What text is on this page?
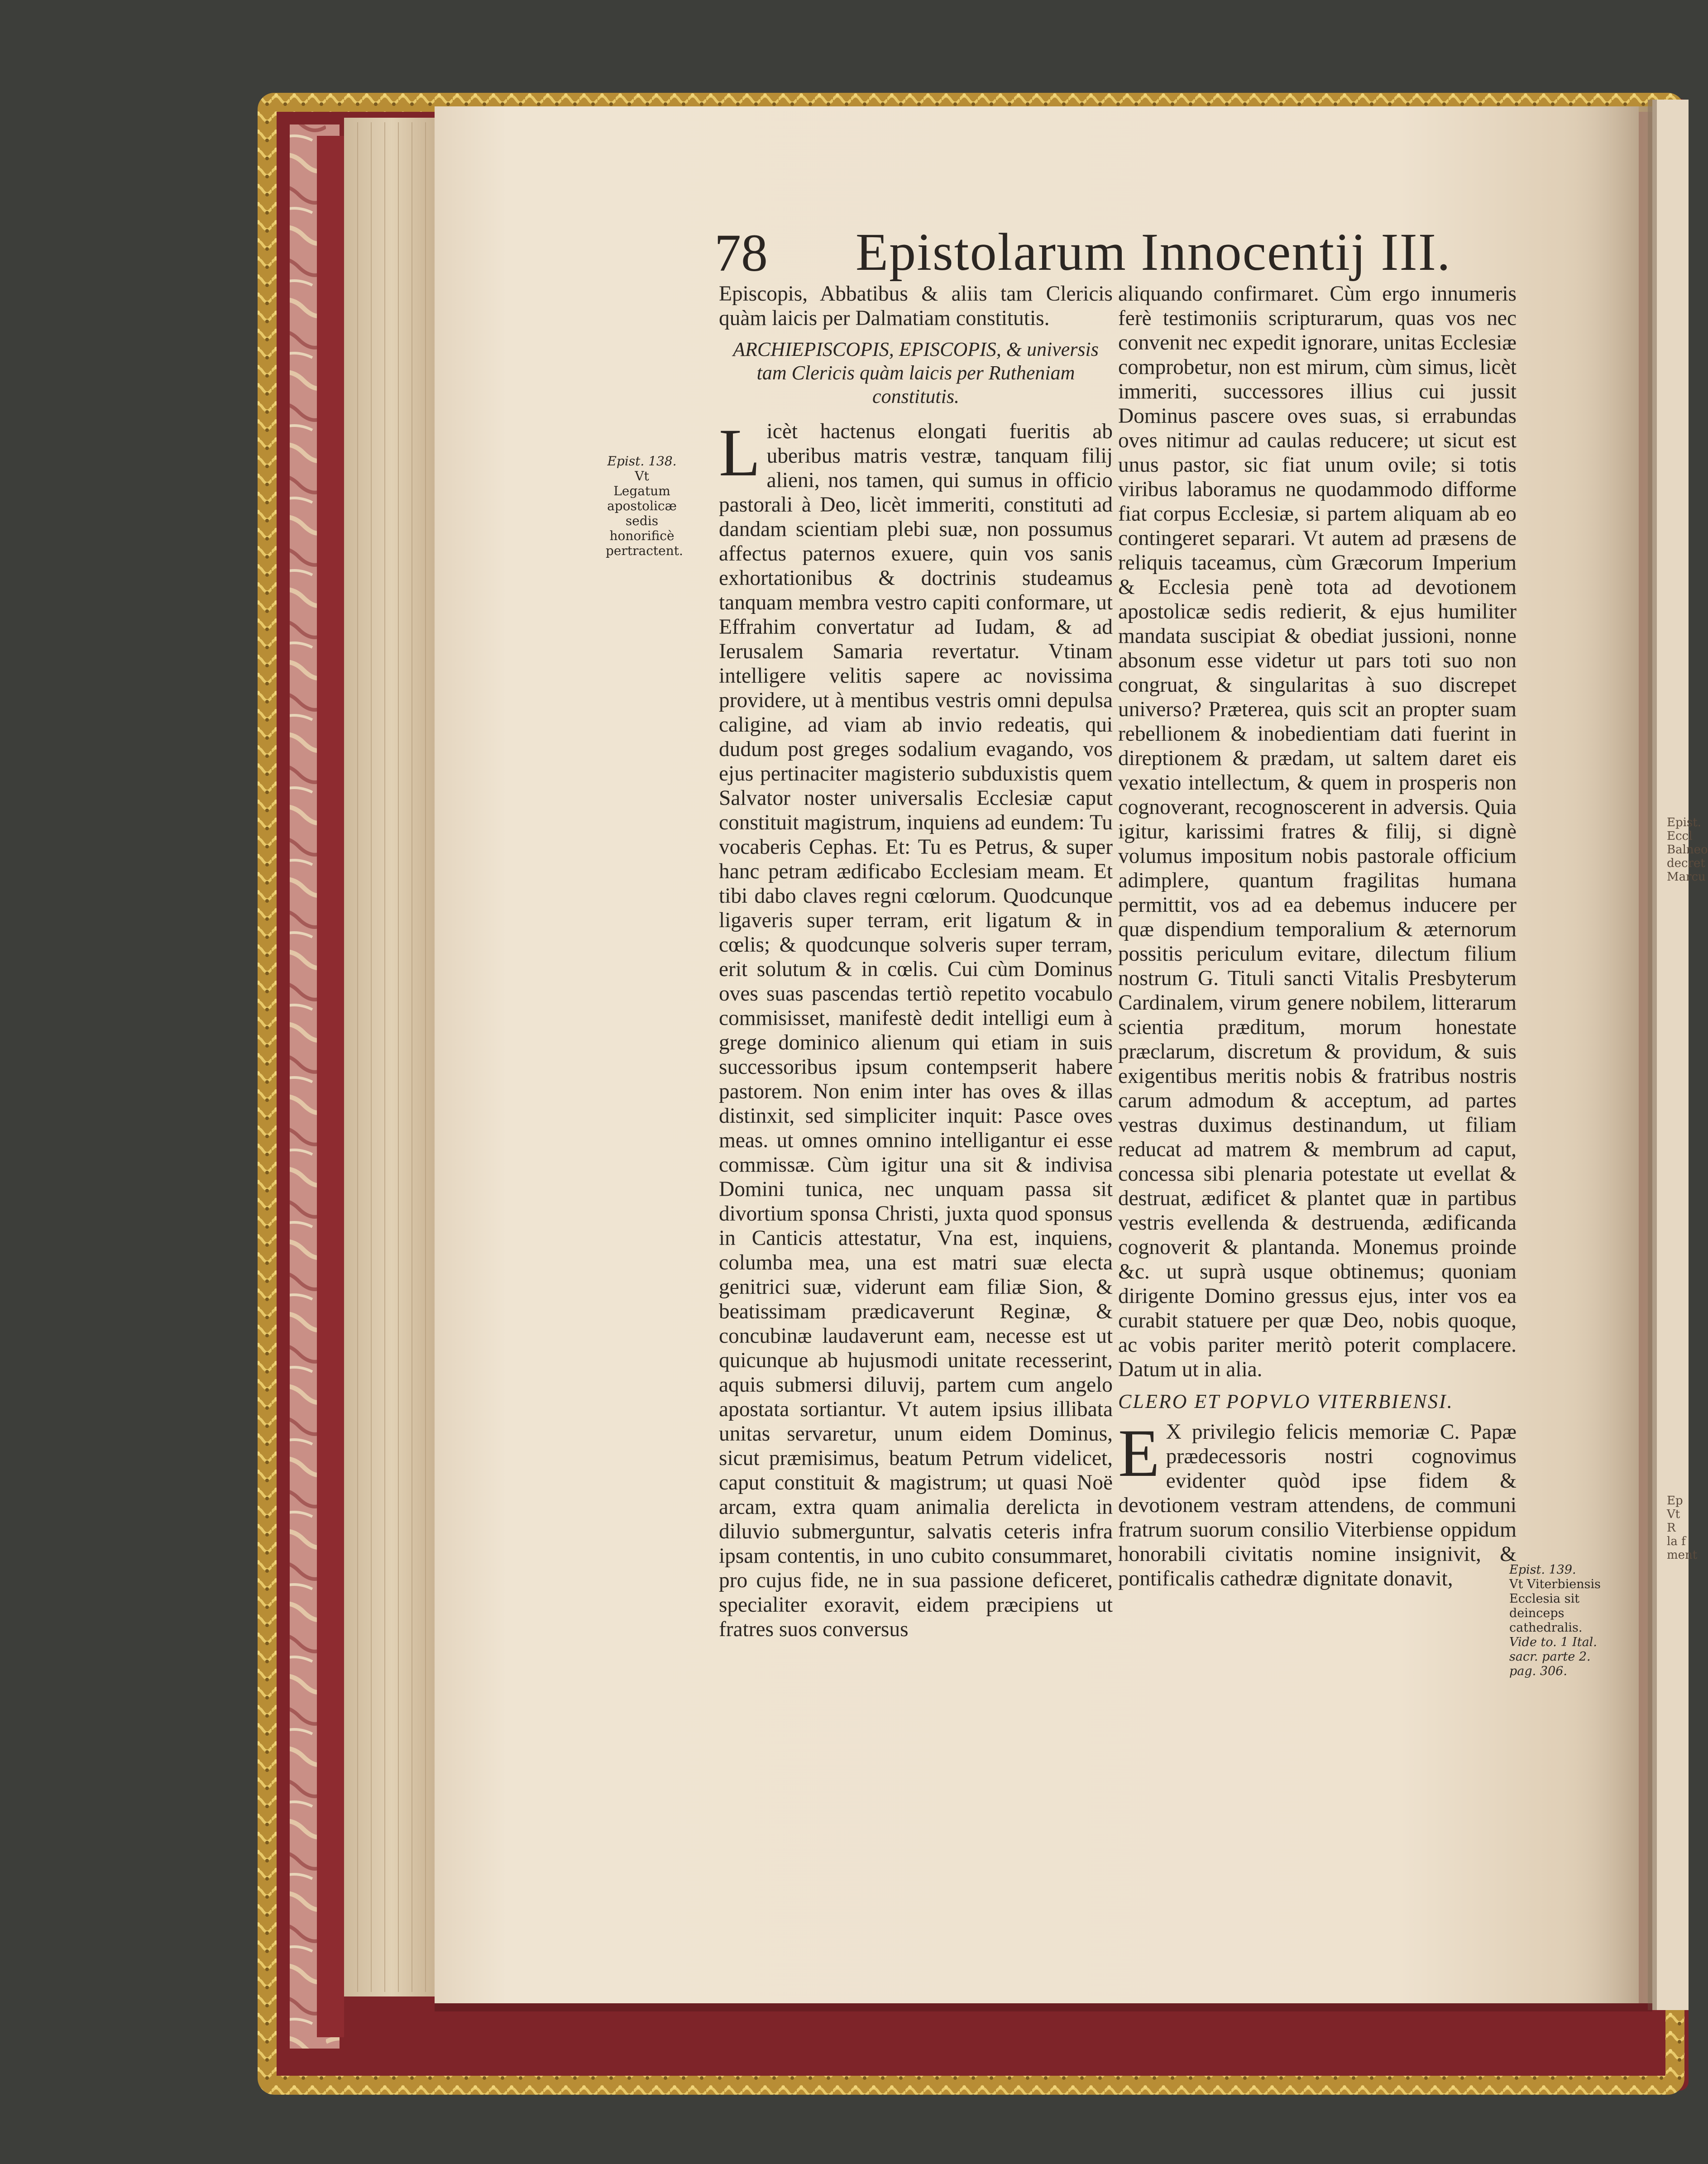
78 Epistolarum Innocentij III.

Episcopis, Abbatibus & aliis tam Clericis quàm laicis per Dalmatiam constitutis.

ARCHIEPISCOPIS, EPISCOPIS, & universis tam Clericis quàm laicis per Rutheniam constitutis.

Licèt hactenus elongati fueritis ab uberibus matris vestræ, tanquam filij alieni, nos tamen, qui sumus in officio pastorali à Deo, licèt immeriti, constituti ad dandam scientiam plebi suæ, non possumus affectus paternos exuere, quin vos sanis exhortationibus & doctrinis studeamus tanquam membra vestro capiti conformare, ut Effrahim convertatur ad Iudam, & ad Ierusalem Samaria revertatur. Vtinam intelligere velitis sapere ac novissima providere, ut à mentibus vestris omni depulsa caligine, ad viam ab invio redeatis, qui dudum post greges sodalium evagando, vos ejus pertinaciter magisterio subduxistis quem Salvator noster universalis Ecclesiæ caput constituit magistrum, inquiens ad eundem: Tu vocaberis Cephas. Et: Tu es Petrus, & super hanc petram ædificabo Ecclesiam meam. Et tibi dabo claves regni cœlorum. Quodcunque ligaveris super terram, erit ligatum & in cœlis; & quodcunque solveris super terram, erit solutum & in cœlis. Cui cùm Dominus oves suas pascendas tertiò repetito vocabulo commisisset, manifestè dedit intelligi eum à grege dominico alienum qui etiam in suis successoribus ipsum contempserit habere pastorem. Non enim inter has oves & illas distinxit, sed simpliciter inquit: Pasce oves meas. ut omnes omnino intelligantur ei esse commissæ. Cùm igitur una sit & indivisa Domini tunica, nec unquam passa sit divortium sponsa Christi, juxta quod sponsus in Canticis attestatur, Vna est, inquiens, columba mea, una est matri suæ electa genitrici suæ, viderunt eam filiæ Sion, & beatissimam prædicaverunt Reginæ, & concubinæ laudaverunt eam, necesse est ut quicunque ab hujusmodi unitate recesserint, aquis submersi diluvij, partem cum angelo apostata sortiantur. Vt autem ipsius illibata unitas servaretur, unum eidem Dominus, sicut præmisimus, beatum Petrum videlicet, caput constituit & magistrum; ut quasi Noë arcam, extra quam animalia derelicta in diluvio submerguntur, salvatis ceteris infra ipsam contentis, in uno cubito consummaret, pro cujus fide, ne in sua passione deficeret, specialiter exoravit, eidem præcipiens ut fratres suos conversus

aliquando confirmaret. Cùm ergo innumeris ferè testimoniis scripturarum, quas vos nec convenit nec expedit ignorare, unitas Ecclesiæ comprobetur, non est mirum, cùm simus, licèt immeriti, successores illius cui jussit Dominus pascere oves suas, si errabundas oves nitimur ad caulas reducere; ut sicut est unus pastor, sic fiat unum ovile; si totis viribus laboramus ne quodammodo difforme fiat corpus Ecclesiæ, si partem aliquam ab eo contingeret separari. Vt autem ad præsens de reliquis taceamus, cùm Græcorum Imperium & Ecclesia penè tota ad devotionem apostolicæ sedis redierit, & ejus humiliter mandata suscipiat & obediat jussioni, nonne absonum esse videtur ut pars toti suo non congruat, & singularitas à suo discrepet universo? Præterea, quis scit an propter suam rebellionem & inobedientiam dati fuerint in direptionem & prædam, ut saltem daret eis vexatio intellectum, & quem in prosperis non cognoverant, recognoscerent in adversis. Quia igitur, karissimi fratres & filij, si dignè volumus impositum nobis pastorale officium adimplere, quantum fragilitas humana permittit, vos ad ea debemus inducere per quæ dispendium temporalium & æternorum possitis periculum evitare, dilectum filium nostrum G. Tituli sancti Vitalis Presbyterum Cardinalem, virum genere nobilem, litterarum scientia præditum, morum honestate præclarum, discretum & providum, & suis exigentibus meritis nobis & fratribus nostris carum admodum & acceptum, ad partes vestras duximus destinandum, ut filiam reducat ad matrem & membrum ad caput, concessa sibi plenaria potestate ut evellat & destruat, ædificet & plantet quæ in partibus vestris evellenda & destruenda, ædificanda cognoverit & plantanda. Monemus proinde &c. ut suprà usque obtinemus; quoniam dirigente Domino gressus ejus, inter vos ea curabit statuere per quæ Deo, nobis quoque, ac vobis pariter meritò poterit complacere. Datum ut in alia.

CLERO ET POPVLO VITERBIENSI.

E X privilegio felicis memoriæ C. Papæ prædecessoris nostri cognovimus evidenter quòd ipse fidem & devotionem vestram attendens, de communi fratrum suorum consilio Viterbiense oppidum honorabili civitatis nomine insignivit, & pontificalis cathedræ dignitate donavit,

Epist. 138.
Vt Legatum apostolicæ sedis honorificè pertractent.
Epist. 139.
Vt Viterbiensis Ecclesia sit deinceps cathedralis.
Vide to. 1 Ital. sacr. parte 2. pag. 306.
Epist. Eccl Balneo decret Marcu
Ep Vt R la f ment
